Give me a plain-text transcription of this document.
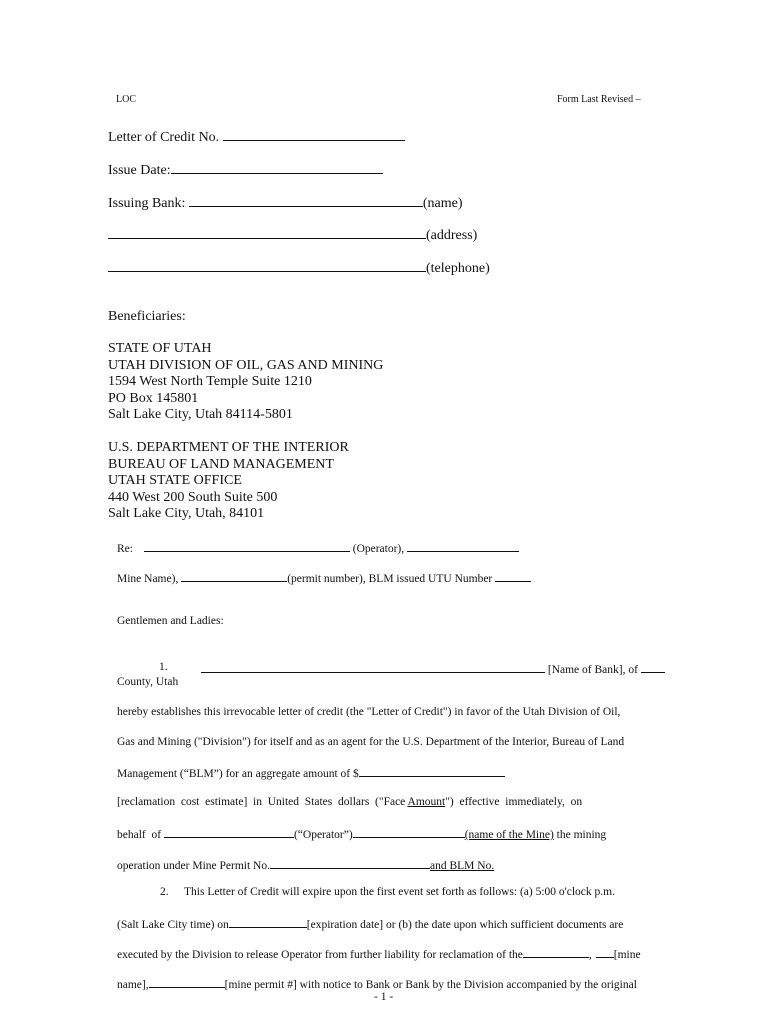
LOC	Form Last Revised –
Letter of Credit No.
Issue Date:
Issuing Bank:	(name)
(address)
(telephone)
Beneficiaries:
STATE OF UTAH
UTAH DIVISION OF OIL, GAS AND MINING
1594 West North Temple Suite 1210
PO Box 145801
Salt Lake City, Utah 84114-5801
U.S. DEPARTMENT OF THE INTERIOR
BUREAU OF LAND MANAGEMENT
UTAH STATE OFFICE
440 West 200 South Suite 500
Salt Lake City, Utah, 84101
Re:	(Operator),
Mine Name),	(permit number), BLM issued UTU Number
Gentlemen and Ladies:
1.	[Name of Bank], of
County, Utah
hereby establishes this irrevocable letter of credit (the "Letter of Credit") in favor of the Utah Division of Oil,
Gas and Mining ("Division") for itself and as an agent for the U.S. Department of the Interior, Bureau of Land
Management (“BLM”) for an aggregate amount of $
[reclamation  cost  estimate]  in  United  States  dollars  ("Face Amount")  effective  immediately,  on
behalf  of	(“Operator”)	(name of the Mine) the mining
operation under Mine Permit No.	and BLM No.
2. This Letter of Credit will expire upon the first event set forth as follows: (a) 5:00 o'clock p.m.
(Salt Lake City time) on	[expiration date] or (b) the date upon which sufficient documents are
executed by the Division to release Operator from further liability for reclamation of the	, [mine
name],	[mine permit #] with notice to Bank or Bank by the Division accompanied by the original
- 1 -
